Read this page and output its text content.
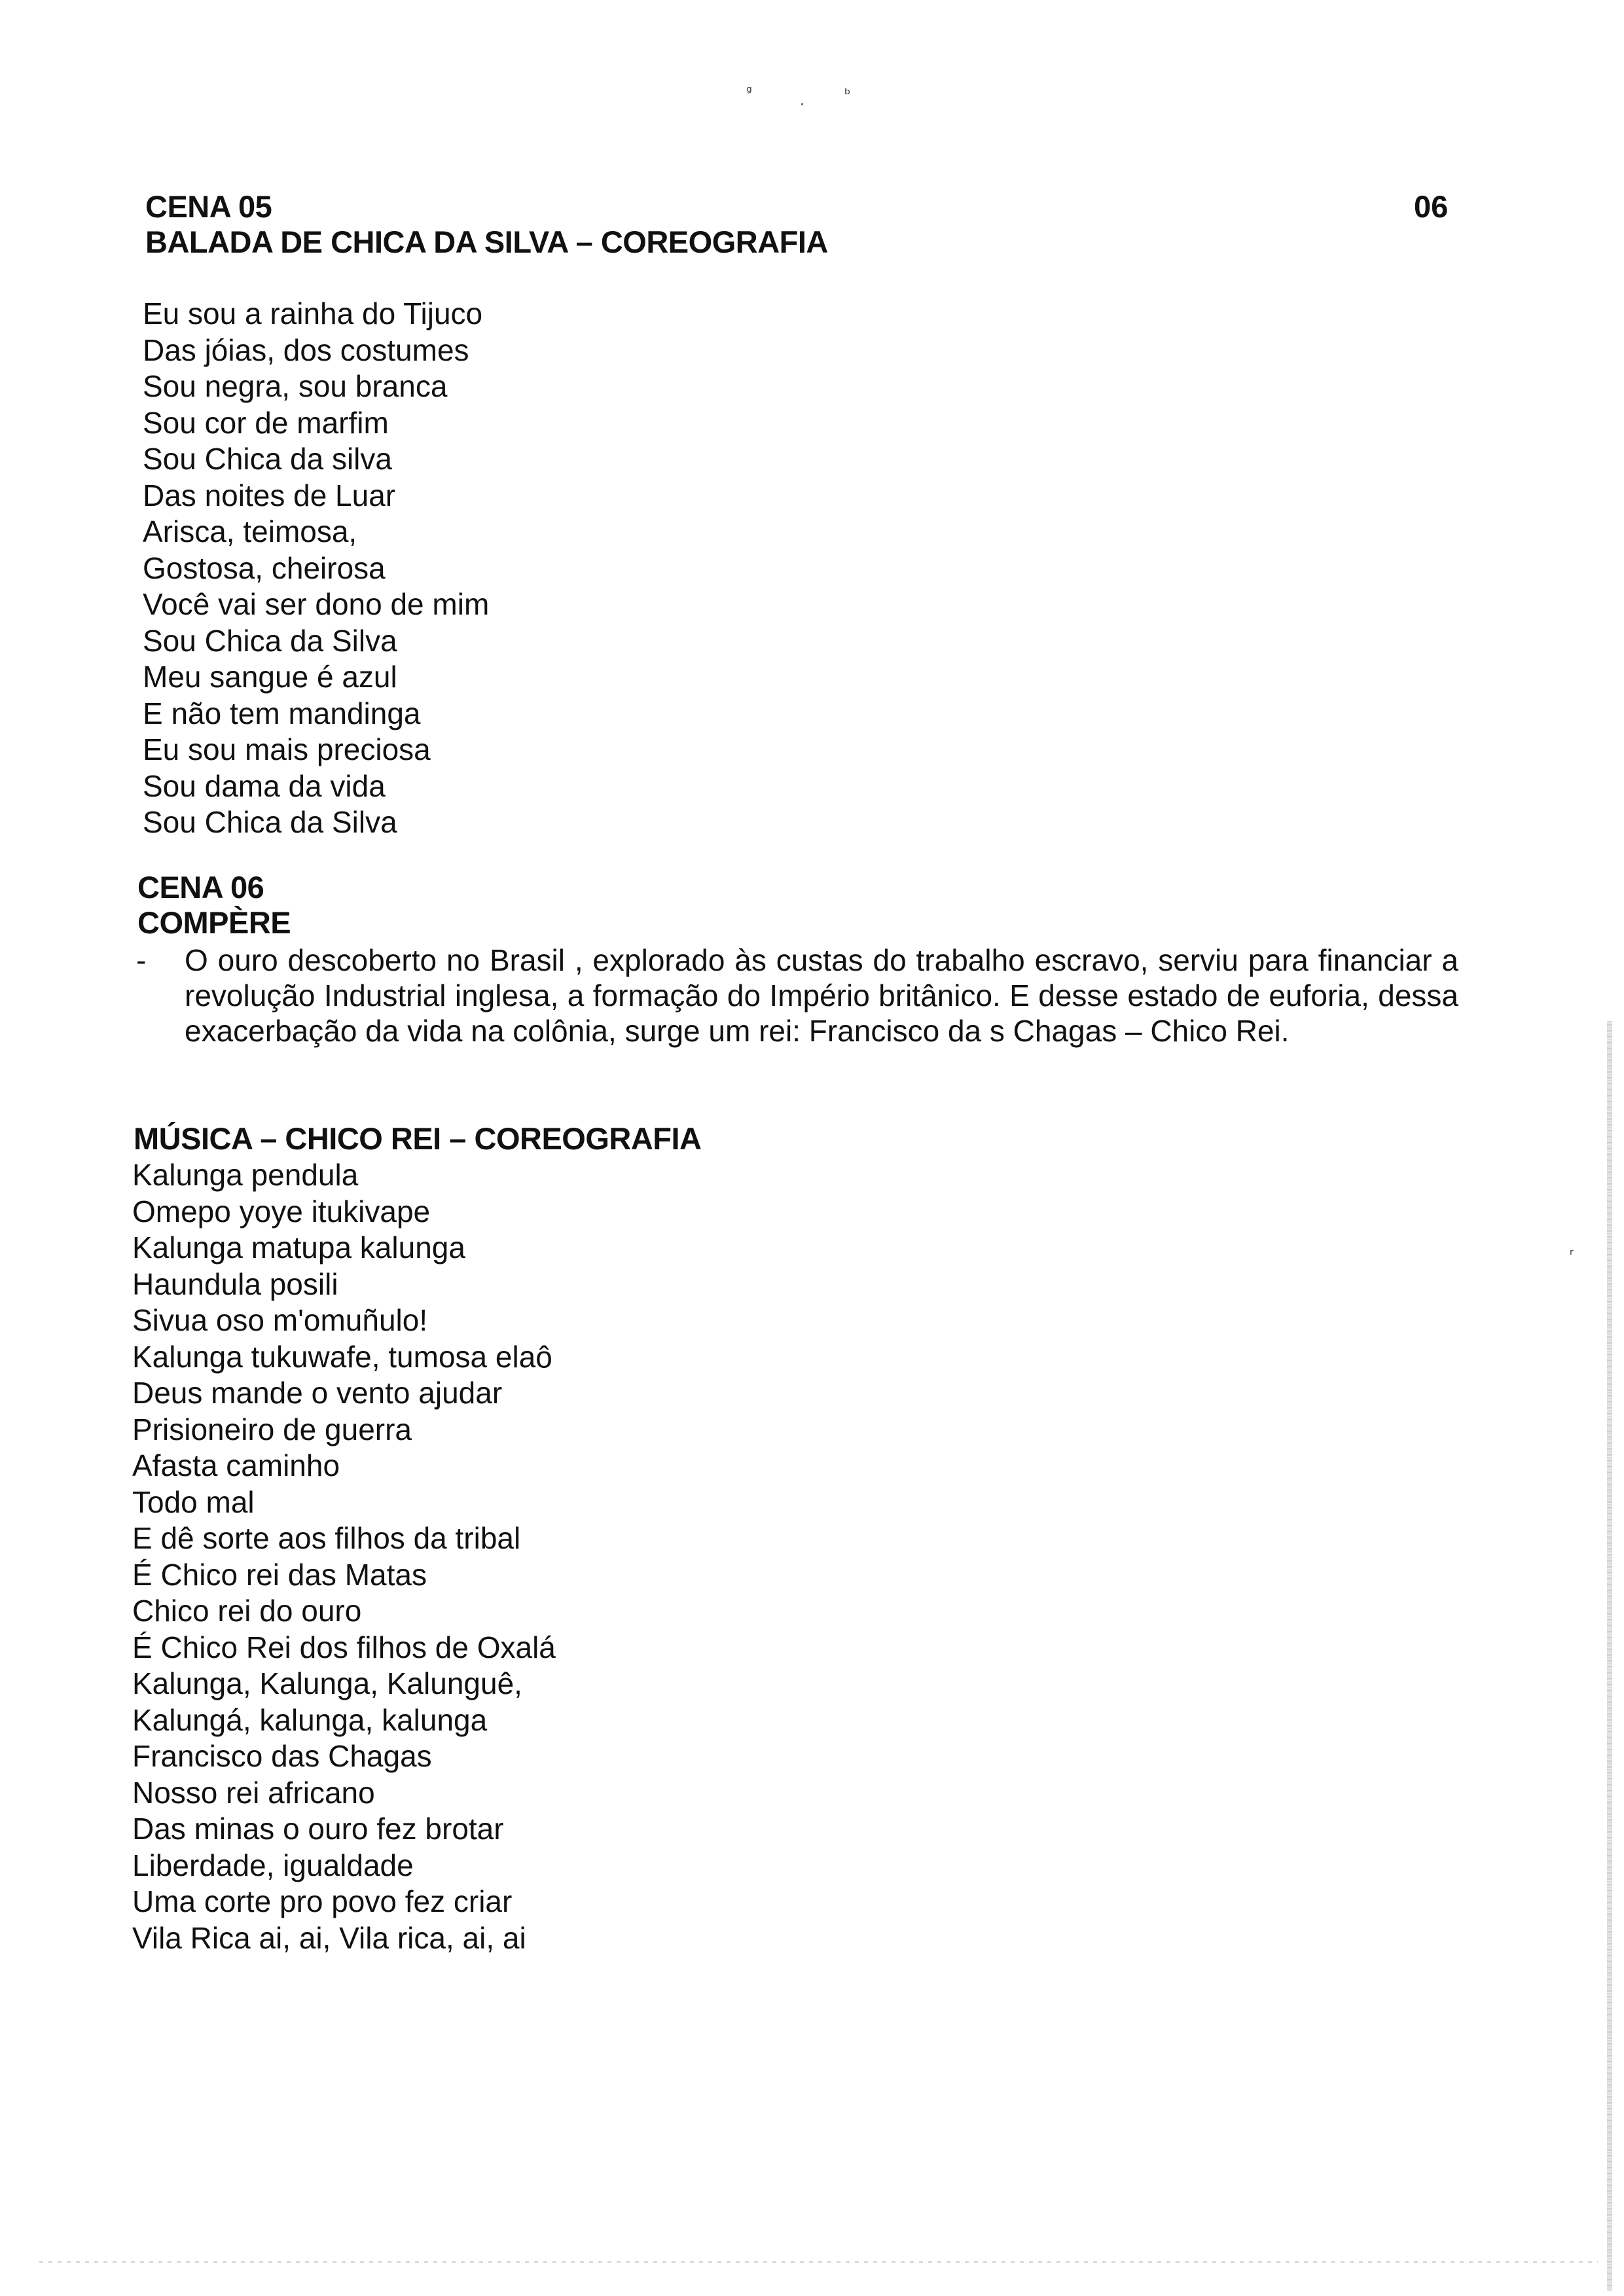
ᵍ
·
ᵇ
ʳ
06
CENA 05
BALADA DE CHICA DA SILVA – COREOGRAFIA
Eu sou a rainha do Tijuco
Das jóias, dos costumes
Sou negra, sou branca
Sou cor de marfim
Sou Chica da silva
Das noites de Luar
Arisca, teimosa,
Gostosa, cheirosa
Você vai ser dono de mim
Sou Chica da Silva
Meu sangue é azul
E não tem mandinga
Eu sou mais preciosa
Sou dama da vida
Sou Chica da Silva
CENA 06
COMPÈRE
- O ouro descoberto no Brasil , explorado às custas do trabalho escravo, serviu para financiar a revolução Industrial inglesa, a formação do Império britânico. E desse estado de euforia, dessa exacerbação da vida na colônia, surge um rei: Francisco da s Chagas – Chico Rei.
MÚSICA – CHICO REI – COREOGRAFIA
Kalunga pendula
Omepo yoye itukivape
Kalunga matupa kalunga
Haundula posili
Sivua oso m'omuñulo!
Kalunga tukuwafe, tumosa elaô
Deus mande o vento ajudar
Prisioneiro de guerra
Afasta caminho
Todo mal
E dê sorte aos filhos da tribal
É Chico rei das Matas
Chico rei do ouro
É Chico Rei dos filhos de Oxalá
Kalunga, Kalunga, Kalunguê,
Kalungá, kalunga, kalunga
Francisco das Chagas
Nosso rei africano
Das minas o ouro fez brotar
Liberdade, igualdade
Uma corte pro povo fez criar
Vila Rica ai, ai, Vila rica, ai, ai
